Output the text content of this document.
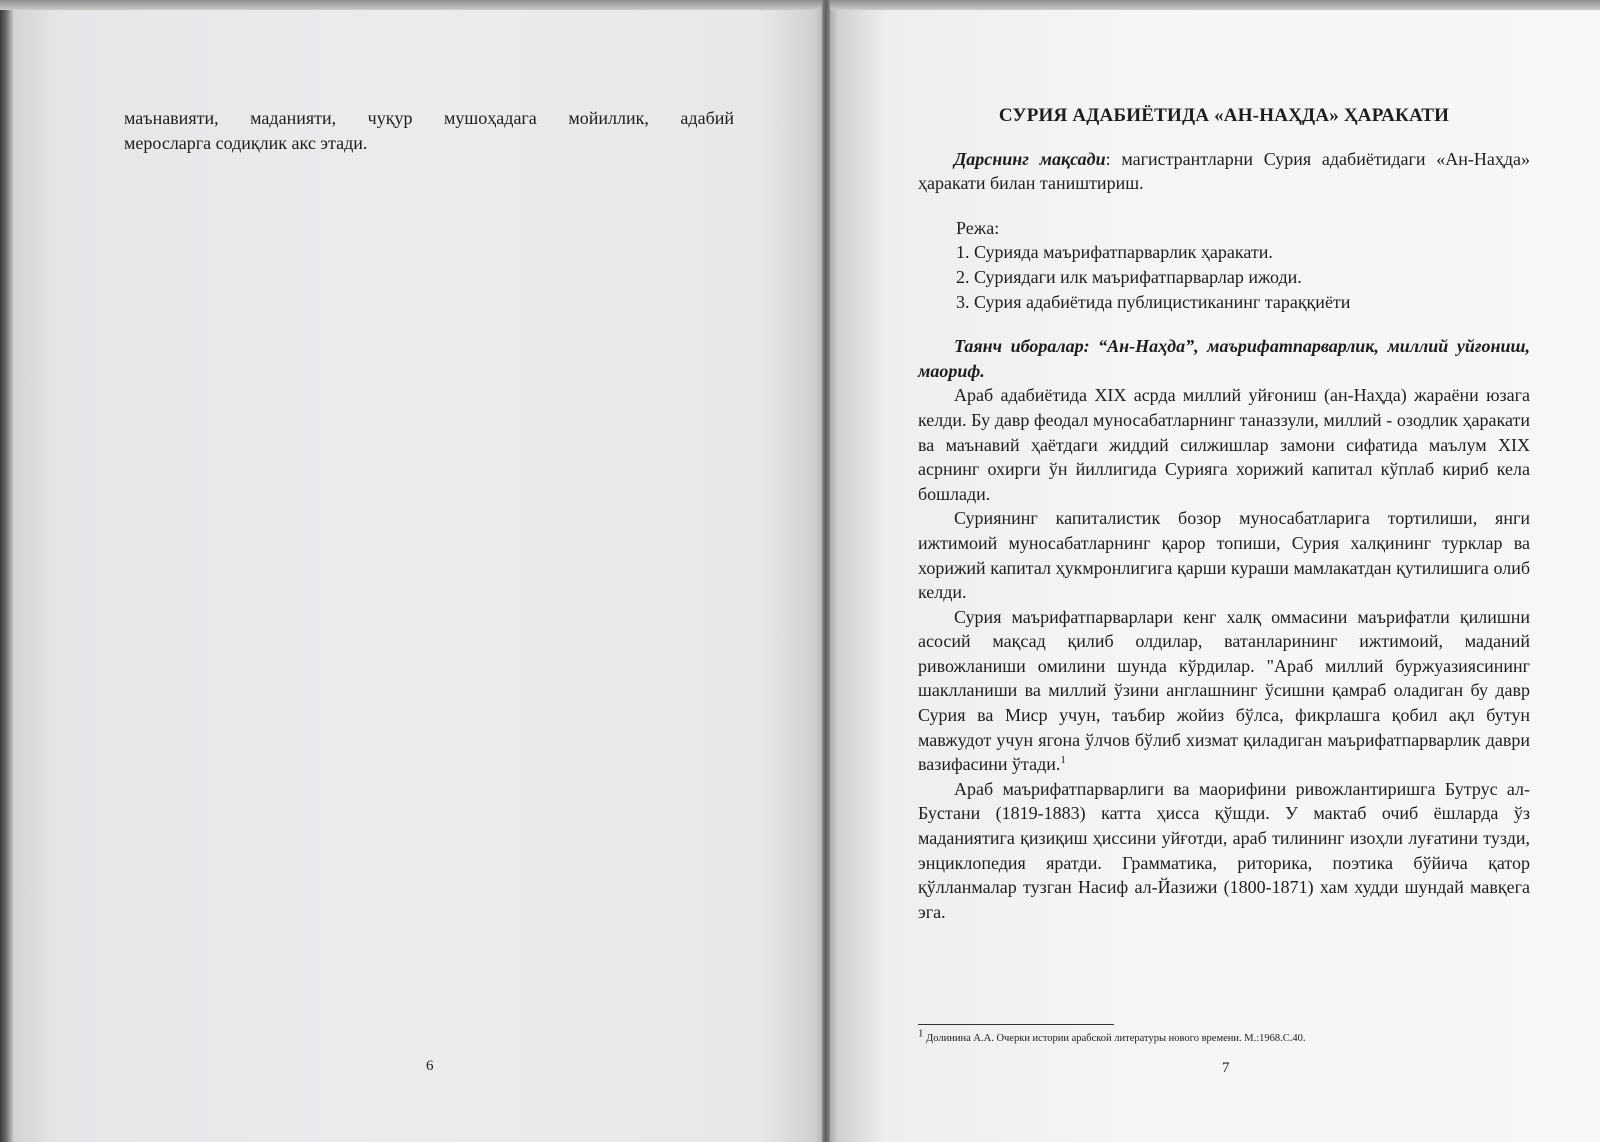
маънавияти, маданияти, чуқур мушоҳадага мойиллик, адабий

меросларга содиқлик акс этади.

6

СУРИЯ АДАБИЁТИДА «АН-НАҲДА» ҲАРАКАТИ

Дарснинг мақсади: магистрантларни Сурия адабиётидаги «Ан-Наҳда» ҳаракати билан таништириш.

Режа:

1. Сурияда маърифатпарварлик ҳаракати.

2. Суриядаги илк маърифатпарварлар ижоди.

3. Сурия адабиётида публицистиканинг тараққиёти

Таянч иборалар: “Ан-Наҳда”, маърифатпарварлик, миллий уйғониш, маориф.

Араб адабиётида XIX асрда миллий уйғониш (ан-Наҳда) жараёни юзага келди. Бу давр феодал муносабатларнинг таназзули, миллий - озодлик ҳаракати ва маънавий ҳаётдаги жиддий силжишлар замони сифатида маълум XIX асрнинг охирги ўн йиллигида Сурияга хорижий капитал кўплаб кириб кела бошлади.

Суриянинг капиталистик бозор муносабатларига тортилиши, янги ижтимоий муносабатларнинг қарор топиши, Сурия халқининг турклар ва хорижий капитал ҳукмронлигига қарши кураши мамлакатдан қутилишига олиб келди.

Сурия маърифатпарварлари кенг халқ оммасини маърифатли қилишни асосий мақсад қилиб олдилар, ватанларининг ижтимоий, маданий ривожланиши омилини шунда кўрдилар. "Араб миллий буржуазиясининг шаклланиши ва миллий ўзини англашнинг ўсишни қамраб оладиган бу давр Сурия ва Миср учун, таъбир жойиз бўлса, фикрлашга қобил ақл бутун мавжудот учун ягона ўлчов бўлиб хизмат қиладиган маърифатпарварлик даври вазифасини ўтади.$^1$

Араб маърифатпарварлиги ва маорифини ривожлантиришга Бутрус ал-Бустани (1819-1883) катта ҳисса қўшди. У мактаб очиб ёшларда ўз маданиятига қизиқиш ҳиссини уйғотди, араб тилининг изоҳли луғатини тузди, энциклопедия яратди. Грамматика, риторика, поэтика бўйича қатор қўлланмалар тузган Насиф ал-Йазижи (1800-1871) хам худди шундай мавқега эга.

$^1$ Долинина А.А. Очерки истории арабской литературы нового времени. М.:1968.С.40.
7
